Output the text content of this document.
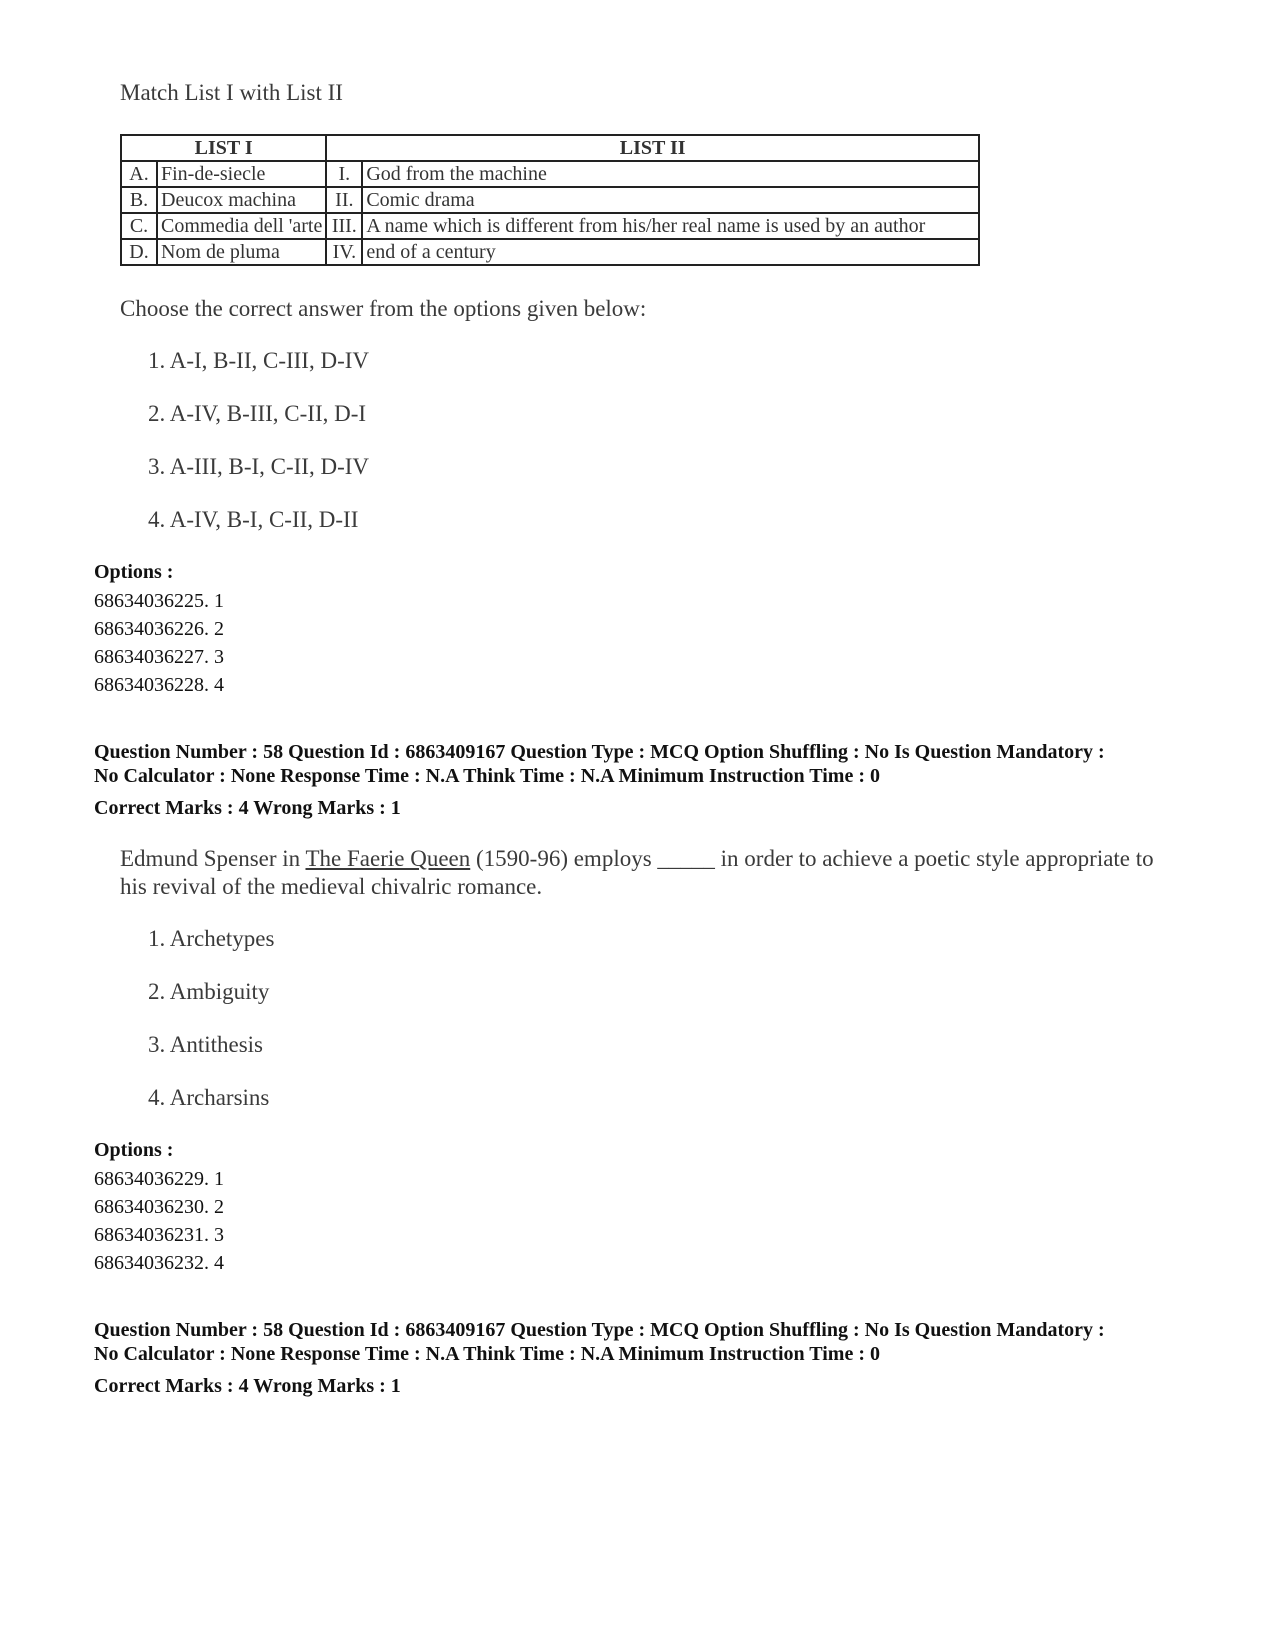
Match List I with List II
LIST I		LIST II	
A.	Fin-de-siecle	I.	God from the machine
B.	Deucox machina	II.	Comic drama
C.	Commedia dell 'arte	III.	A name which is different from his/her real name is used by an author
D.	Nom de pluma	IV.	end of a century
Choose the correct answer from the options given below:
1. A-I, B-II, C-III, D-IV
2. A-IV, B-III, C-II, D-I
3. A-III, B-I, C-II, D-IV
4. A-IV, B-I, C-II, D-II
Options :
68634036225. 1
68634036226. 2
68634036227. 3
68634036228. 4
Question Number : 58 Question Id : 6863409167 Question Type : MCQ Option Shuffling : No Is Question Mandatory :
No Calculator : None Response Time : N.A Think Time : N.A Minimum Instruction Time : 0
Correct Marks : 4 Wrong Marks : 1
Edmund Spenser in The Faerie Queen (1590-96) employs _____ in order to achieve a poetic style appropriate to his revival of the medieval chivalric romance.
1. Archetypes
2. Ambiguity
3. Antithesis
4. Archarsins
Options :
68634036229. 1
68634036230. 2
68634036231. 3
68634036232. 4
Question Number : 58 Question Id : 6863409167 Question Type : MCQ Option Shuffling : No Is Question Mandatory :
No Calculator : None Response Time : N.A Think Time : N.A Minimum Instruction Time : 0
Correct Marks : 4 Wrong Marks : 1
